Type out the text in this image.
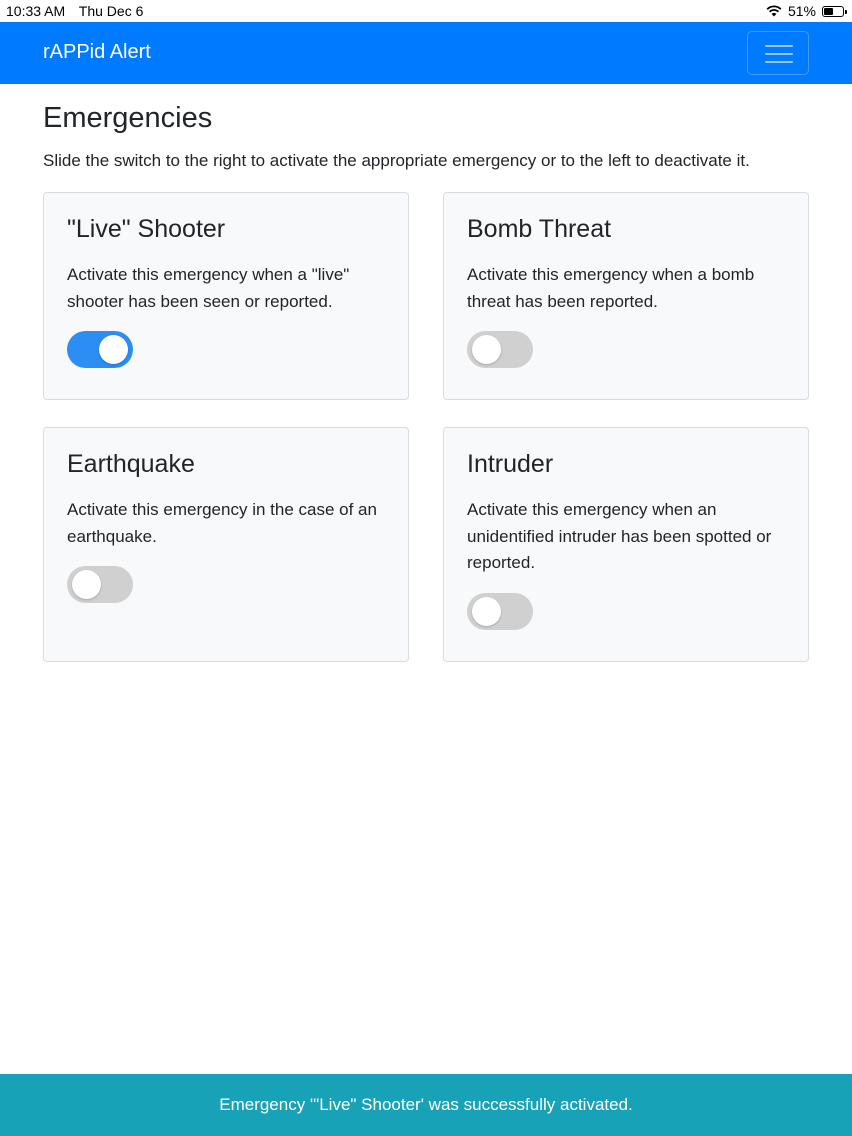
10:33 AM Thu Dec 6	51%
rAPPid Alert
Emergencies

Slide the switch to the right to activate the appropriate emergency or to the left to deactivate it.

"Live" Shooter

Activate this emergency when a "live" shooter has been seen or reported.

Bomb Threat

Activate this emergency when a bomb threat has been reported.

Earthquake

Activate this emergency in the case of an earthquake.

Intruder

Activate this emergency when an unidentified intruder has been spotted or reported.

Emergency '"Live" Shooter' was successfully activated.
